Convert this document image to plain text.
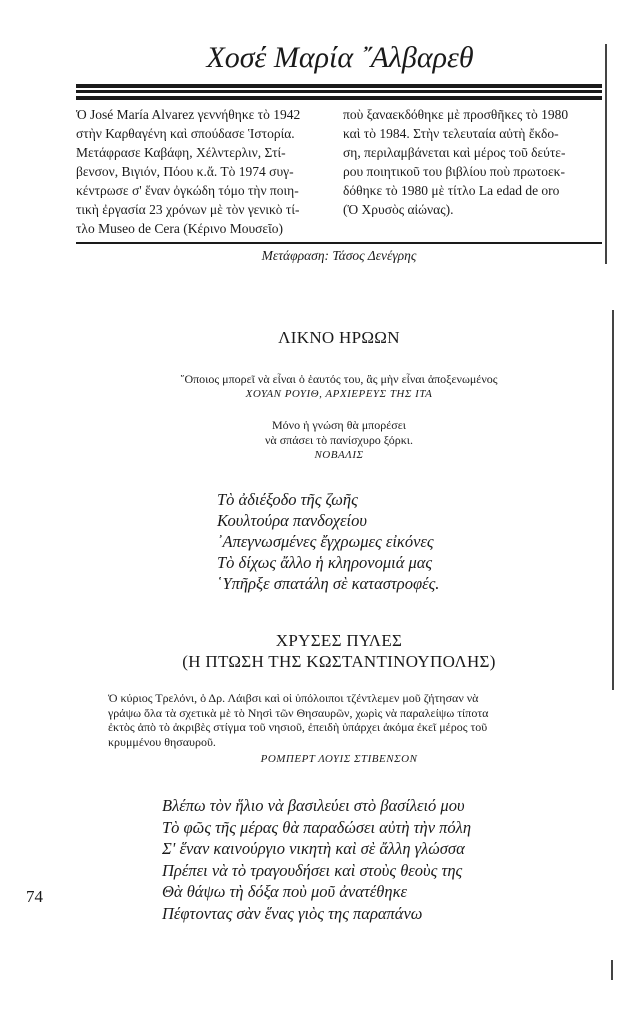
Χοσέ Μαρία ῎Αλβαρεθ

Ὁ José María Alvarez γεννήθηκε τὸ 1942

στὴν Καρθαγένη καὶ σπούδασε Ἱστορία.

Μετάφρασε Καβάφη, Χέλντερλιν, Στί-

βενσον, Βιγιόν, Πόου κ.ἄ. Τὸ 1974 συγ-

κέντρωσε σ' ἕναν ὀγκώδη τόμο τὴν ποιη-

τικὴ ἐργασία 23 χρόνων μὲ τὸν γενικὸ τί-

τλο Museo de Cera (Κέρινο Μουσεῖο)

ποὺ ξαναεκδόθηκε μὲ προσθῆκες τὸ 1980

καὶ τὸ 1984. Στὴν τελευταία αὐτὴ ἔκδο-

ση, περιλαμβάνεται καὶ μέρος τοῦ δεύτε-

ρου ποιητικοῦ του βιβλίου ποὺ πρωτοεκ-

δόθηκε τὸ 1980 μὲ τίτλο La edad de oro

(Ὁ Χρυσὸς αἰώνας).

Μετάφραση: Τάσος Δενέγρης
ΛΙΚΝΟ ΗΡΩΩΝ
῞Οποιος μπορεῖ νὰ εἶναι ὁ ἑαυτός του, ἂς μὴν εἶναι ἀποξενωμένος
ΧΟΥΑΝ ΡΟΥΙΘ, ΑΡΧΙΕΡΕΥΣ ΤΗΣ ΙΤΑ
Μόνο ἡ γνώση θὰ μπορέσει
νὰ σπάσει τὸ πανίσχυρο ξόρκι.
ΝΟΒΑΛΙΣ
Τὸ ἀδιέξοδο τῆς ζωῆς
Κουλτούρα πανδοχείου
᾿Απεγνωσμένες ἔγχρωμες εἰκόνες
Τὸ δίχως ἄλλο ἡ κληρονομιά μας
῾Υπῆρξε σπατάλη σὲ καταστροφές.
ΧΡΥΣΕΣ ΠΥΛΕΣ
(Η ΠΤΩΣΗ ΤΗΣ ΚΩΣΤΑΝΤΙΝΟΥΠΟΛΗΣ)
Ὁ κύριος Τρελόνι, ὁ Δρ. Λάιβσι καὶ οἱ ὑπόλοιποι τζέντλεμεν μοῦ ζήτησαν νὰ
γράψω ὅλα τὰ σχετικὰ μὲ τὸ Νησὶ τῶν Θησαυρῶν, χωρὶς νὰ παραλείψω τίποτα
ἐκτὸς ἀπὸ τὸ ἀκριβὲς στίγμα τοῦ νησιοῦ, ἐπειδὴ ὑπάρχει ἀκόμα ἐκεῖ μέρος τοῦ
κρυμμένου θησαυροῦ.
ΡΟΜΠΕΡΤ ΛΟΥΙΣ ΣΤΙΒΕΝΣΟΝ
Βλέπω τὸν ἥλιο νὰ βασιλεύει στὸ βασίλειό μου
Τὸ φῶς τῆς μέρας θὰ παραδώσει αὐτὴ τὴν πόλη
Σ' ἕναν καινούργιο νικητὴ καὶ σὲ ἄλλη γλώσσα
Πρέπει νὰ τὸ τραγουδήσει καὶ στοὺς θεοὺς της
Θὰ θάψω τὴ δόξα ποὺ μοῦ ἀνατέθηκε
Πέφτοντας σὰν ἕνας γιὸς της παραπάνω
74
